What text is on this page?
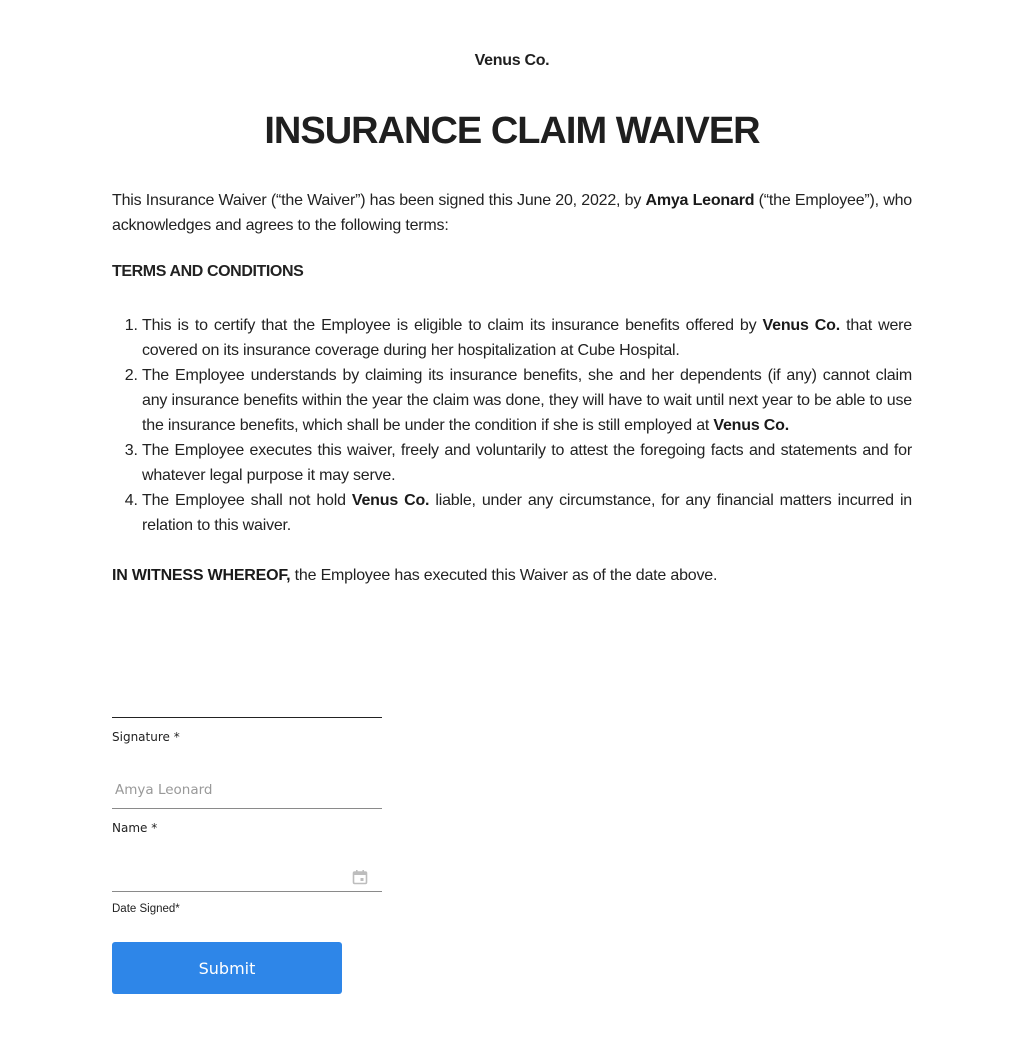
Venus Co.
INSURANCE CLAIM WAIVER

This Insurance Waiver (“the Waiver”) has been signed this June 20, 2022, by Amya Leonard (“the Employee”), who acknowledges and agrees to the following terms:

TERMS AND CONDITIONS
1. This is to certify that the Employee is eligible to claim its insurance benefits offered by Venus Co. that were covered on its insurance coverage during her hospitalization at Cube Hospital.
2. The Employee understands by claiming its insurance benefits, she and her dependents (if any) cannot claim any insurance benefits within the year the claim was done, they will have to wait until next year to be able to use the insurance benefits, which shall be under the condition if she is still employed at Venus Co.
3. The Employee executes this waiver, freely and voluntarily to attest the foregoing facts and statements and for whatever legal purpose it may serve.
4. The Employee shall not hold Venus Co. liable, under any circumstance, for any financial matters incurred in relation to this waiver.
IN WITNESS WHEREOF, the Employee has executed this Waiver as of the date above.
Signature *
Amya Leonard
Name *
Date Signed*
Submit
